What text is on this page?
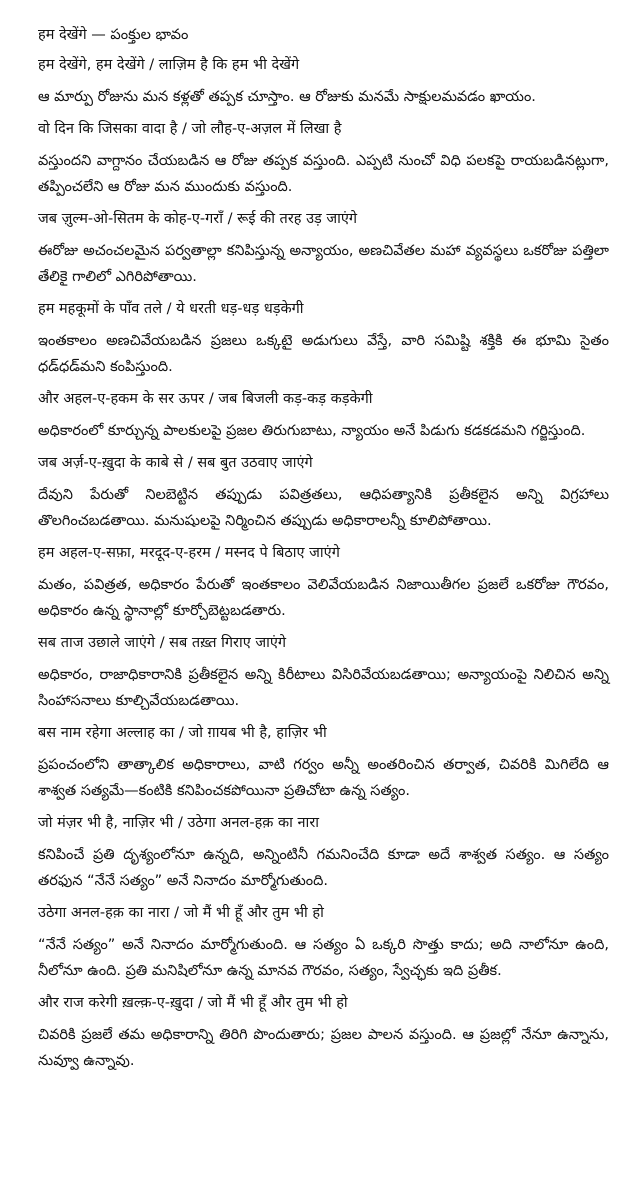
हम देखेंगे — పంక్తుల భావం

हम देखेंगे, हम देखेंगे / लाज़िम है कि हम भी देखेंगे

ఆ మార్పు రోజును మన కళ్లతో తప్పక చూస్తాం. ఆ రోజుకు మనమే సాక్షులమవడం ఖాయం.

वो दिन कि जिसका वादा है / जो लौह-ए-अज़ल में लिखा है

వస్తుందని వాగ్దానం చేయబడిన ఆ రోజు తప్పక వస్తుంది. ఎప్పటి నుంచో విధి పలకపై రాయబడినట్లుగా, తప్పించలేని ఆ రోజు మన ముందుకు వస్తుంది.

जब ज़ुल्म-ओ-सितम के कोह-ए-गराँ / रूई की तरह उड़ जाएंगे

ఈరోజు అచంచలమైన పర్వతాల్లా కనిపిస్తున్న అన్యాయం, అణచివేతల మహా వ్యవస్థలు ఒకరోజు పత్తిలా తేలికై గాలిలో ఎగిరిపోతాయి.

हम महकूमों के पाँव तले / ये धरती धड़-धड़ धड़केगी

ఇంతకాలం అణచివేయబడిన ప్రజలు ఒక్కటై అడుగులు వేస్తే, వారి సమిష్టి శక్తికి ఈ భూమి సైతం ధడ్‌ధడ్‌మని కంపిస్తుంది.

और अहल-ए-हकम के सर ऊपर / जब बिजली कड़-कड़ कड़केगी

అధికారంలో కూర్చున్న పాలకులపై ప్రజల తిరుగుబాటు, న్యాయం అనే పిడుగు కడకడమని గర్జిస్తుంది.

जब अर्ज़-ए-ख़ुदा के काबे से / सब बुत उठवाए जाएंगे

దేవుని పేరుతో నిలబెట్టిన తప్పుడు పవిత్రతలు, ఆధిపత్యానికి ప్రతీకలైన అన్ని విగ్రహాలు తొలగించబడతాయి. మనుషులపై నిర్మించిన తప్పుడు అధికారాలన్నీ కూలిపోతాయి.

हम अहल-ए-सफ़ा, मरदूद-ए-हरम / मस्नद पे बिठाए जाएंगे

మతం, పవిత్రత, అధికారం పేరుతో ఇంతకాలం వెలివేయబడిన నిజాయితీగల ప్రజలే ఒకరోజు గౌరవం, అధికారం ఉన్న స్థానాల్లో కూర్చోబెట్టబడతారు.

सब ताज उछाले जाएंगे / सब तख़्त गिराए जाएंगे

అధికారం, రాజాధికారానికి ప్రతీకలైన అన్ని కిరీటాలు విసిరివేయబడతాయి; అన్యాయంపై నిలిచిన అన్ని సింహాసనాలు కూల్చివేయబడతాయి.

बस नाम रहेगा अल्लाह का / जो ग़ायब भी है, हाज़िर भी

ప్రపంచంలోని తాత్కాలిక అధికారాలు, వాటి గర్వం అన్నీ అంతరించిన తర్వాత, చివరికి మిగిలేది ఆ శాశ్వత సత్యమే—కంటికి కనిపించకపోయినా ప్రతిచోటా ఉన్న సత్యం.

जो मंज़र भी है, नाज़िर भी / उठेगा अनल-हक़ का नारा

కనిపించే ప్రతి దృశ్యంలోనూ ఉన్నది, అన్నింటినీ గమనించేది కూడా అదే శాశ్వత సత్యం. ఆ సత్యం తరఫున “నేనే సత్యం” అనే నినాదం మార్మోగుతుంది.

उठेगा अनल-हक़ का नारा / जो मैं भी हूँ और तुम भी हो

“నేనే సత్యం” అనే నినాదం మార్మోగుతుంది. ఆ సత్యం ఏ ఒక్కరి సొత్తు కాదు; అది నాలోనూ ఉంది, నీలోనూ ఉంది. ప్రతి మనిషిలోనూ ఉన్న మానవ గౌరవం, సత్యం, స్వేచ్ఛకు ఇది ప్రతీక.

और राज करेगी ख़ल्क़-ए-ख़ुदा / जो मैं भी हूँ और तुम भी हो

చివరికి ప్రజలే తమ అధికారాన్ని తిరిగి పొందుతారు; ప్రజల పాలన వస్తుంది. ఆ ప్రజల్లో నేనూ ఉన్నాను, నువ్వూ ఉన్నావు.
